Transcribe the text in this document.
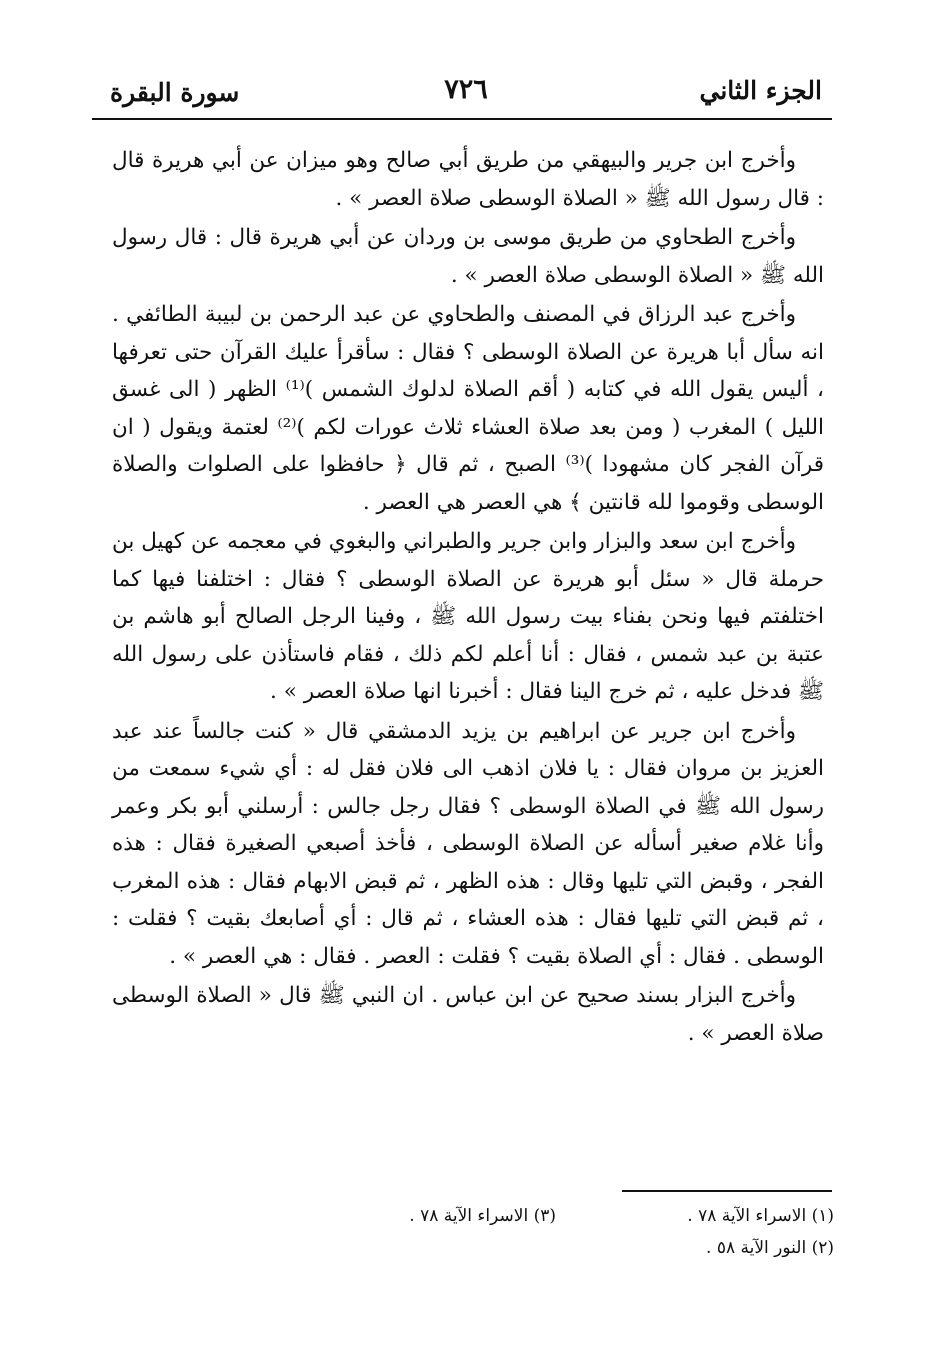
سورة البقرة	٧٢٦	الجزء الثاني

وأخرج ابن جرير والبيهقي من طريق أبي صالح وهو ميزان عن أبي هريرة قال : قال رسول الله ﷺ « الصلاة الوسطى صلاة العصر » .

وأخرج الطحاوي من طريق موسى بن وردان عن أبي هريرة قال : قال رسول الله ﷺ « الصلاة الوسطى صلاة العصر » .

وأخرج عبد الرزاق في المصنف والطحاوي عن عبد الرحمن بن لبيبة الطائفي . انه سأل أبا هريرة عن الصلاة الوسطى ؟ فقال : سأقرأ عليك القرآن حتى تعرفها ، أليس يقول الله في كتابه ( أقم الصلاة لدلوك الشمس )⁽¹⁾ الظهر ( الى غسق الليل ) المغرب ( ومن بعد صلاة العشاء ثلاث عورات لكم )⁽²⁾ لعتمة ويقول ( ان قرآن الفجر كان مشهودا )⁽³⁾ الصبح ، ثم قال ﴿ حافظوا على الصلوات والصلاة الوسطى وقوموا لله قانتين ﴾ هي العصر هي العصر .

وأخرج ابن سعد والبزار وابن جرير والطبراني والبغوي في معجمه عن كهيل بن حرملة قال « سئل أبو هريرة عن الصلاة الوسطى ؟ فقال : اختلفنا فيها كما اختلفتم فيها ونحن بفناء بيت رسول الله ﷺ ، وفينا الرجل الصالح أبو هاشم بن عتبة بن عبد شمس ، فقال : أنا أعلم لكم ذلك ، فقام فاستأذن على رسول الله ﷺ فدخل عليه ، ثم خرج الينا فقال : أخبرنا انها صلاة العصر » .

وأخرج ابن جرير عن ابراهيم بن يزيد الدمشقي قال « كنت جالساً عند عبد العزيز بن مروان فقال : يا فلان اذهب الى فلان فقل له : أي شيء سمعت من رسول الله ﷺ في الصلاة الوسطى ؟ فقال رجل جالس : أرسلني أبو بكر وعمر وأنا غلام صغير أسأله عن الصلاة الوسطى ، فأخذ أصبعي الصغيرة فقال : هذه الفجر ، وقبض التي تليها وقال : هذه الظهر ، ثم قبض الابهام فقال : هذه المغرب ، ثم قبض التي تليها فقال : هذه العشاء ، ثم قال : أي أصابعك بقيت ؟ فقلت : الوسطى . فقال : أي الصلاة بقيت ؟ فقلت : العصر . فقال : هي العصر » .

وأخرج البزار بسند صحيح عن ابن عباس . ان النبي ﷺ قال « الصلاة الوسطى صلاة العصر » .

(١) الاسراء الآية ٧٨ .
(٢) النور الآية ٥٨ .
(٣) الاسراء الآية ٧٨ .
